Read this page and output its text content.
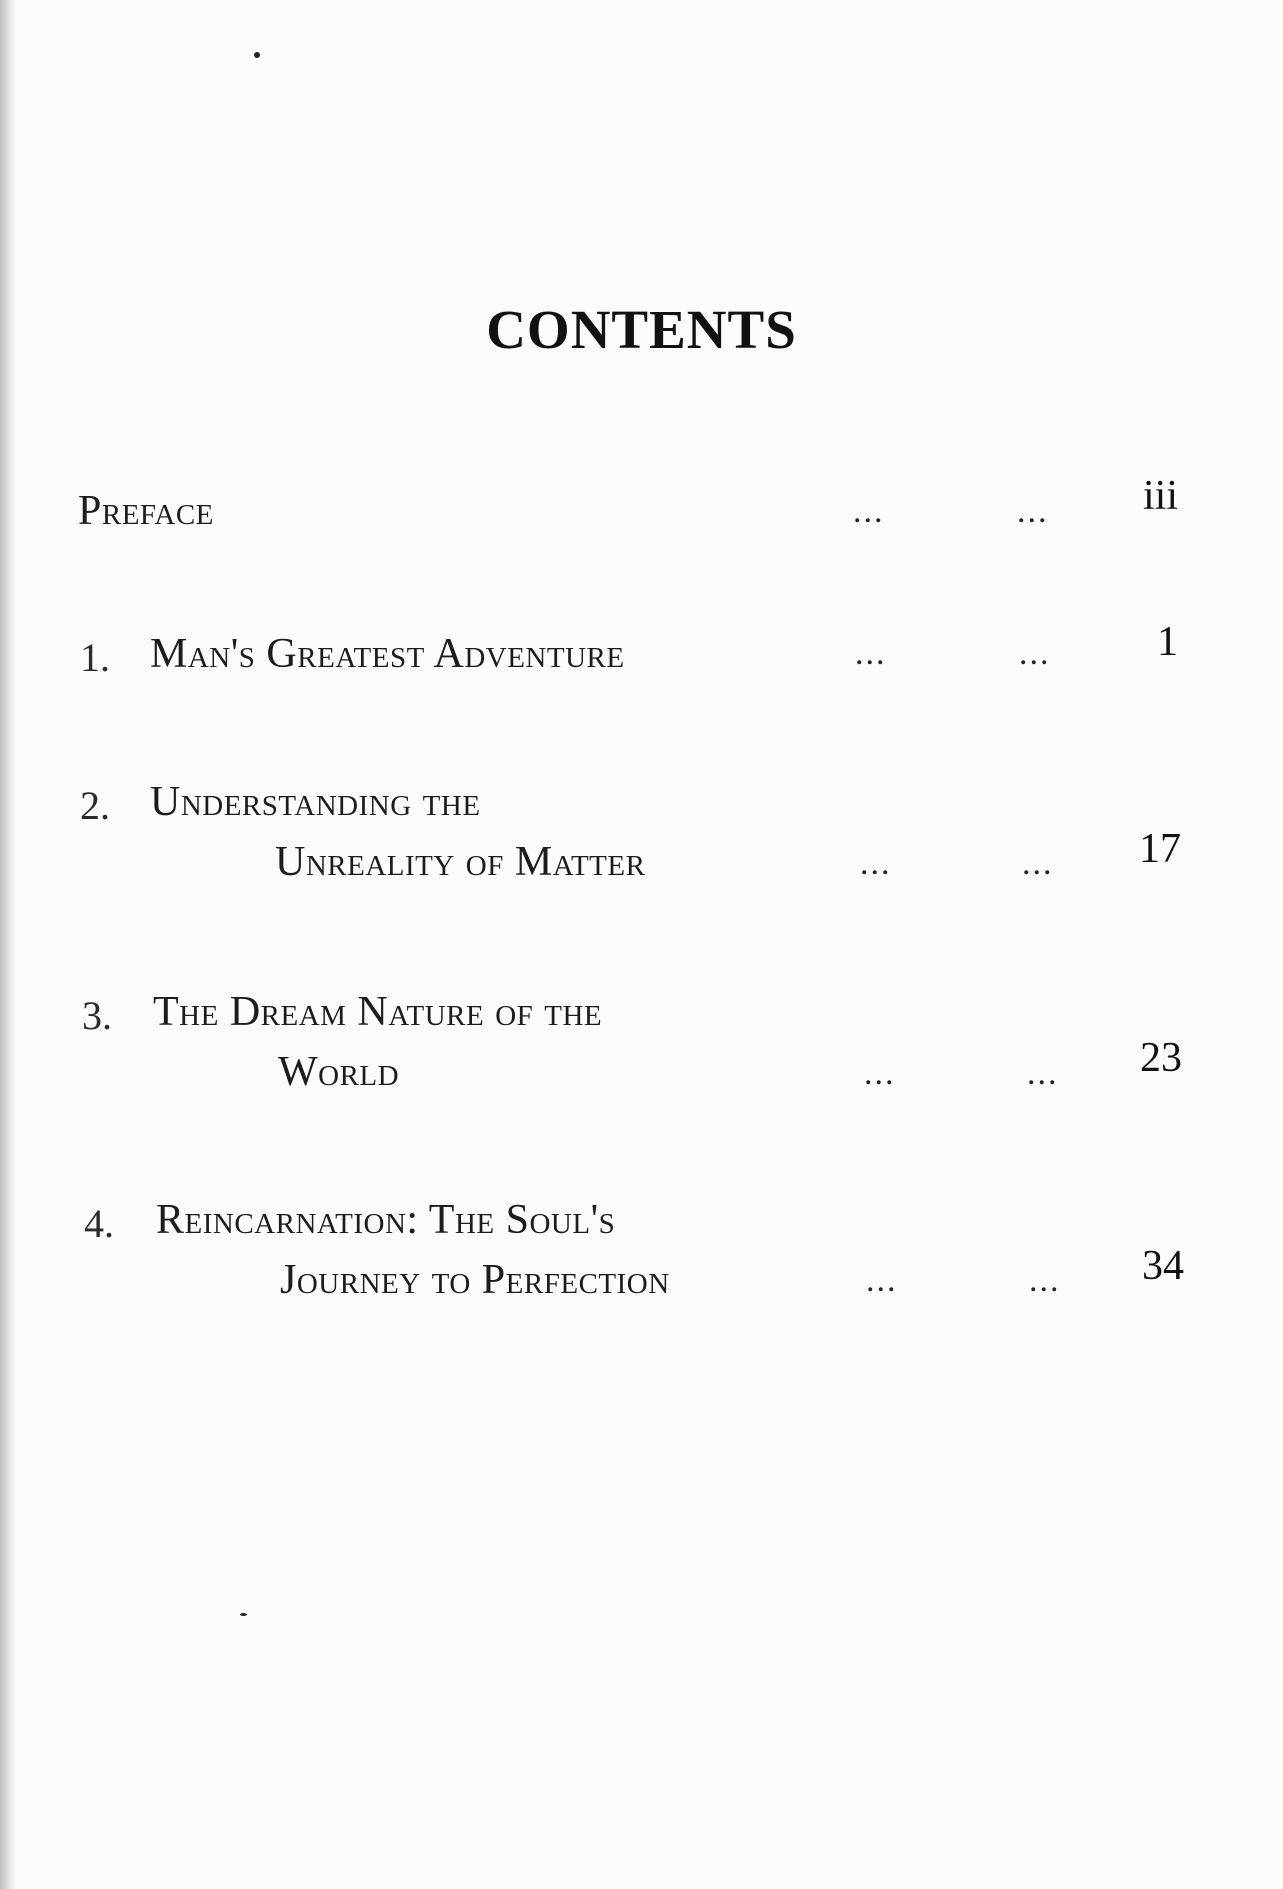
CONTENTS
Preface	...	...	iii
1. Man's Greatest Adventure	...	...	1
2. Understanding the
Unreality of Matter	...	...	17
3. The Dream Nature of the
World	...	...	23
4. Reincarnation: The Soul's
Journey to Perfection	...	...	34
